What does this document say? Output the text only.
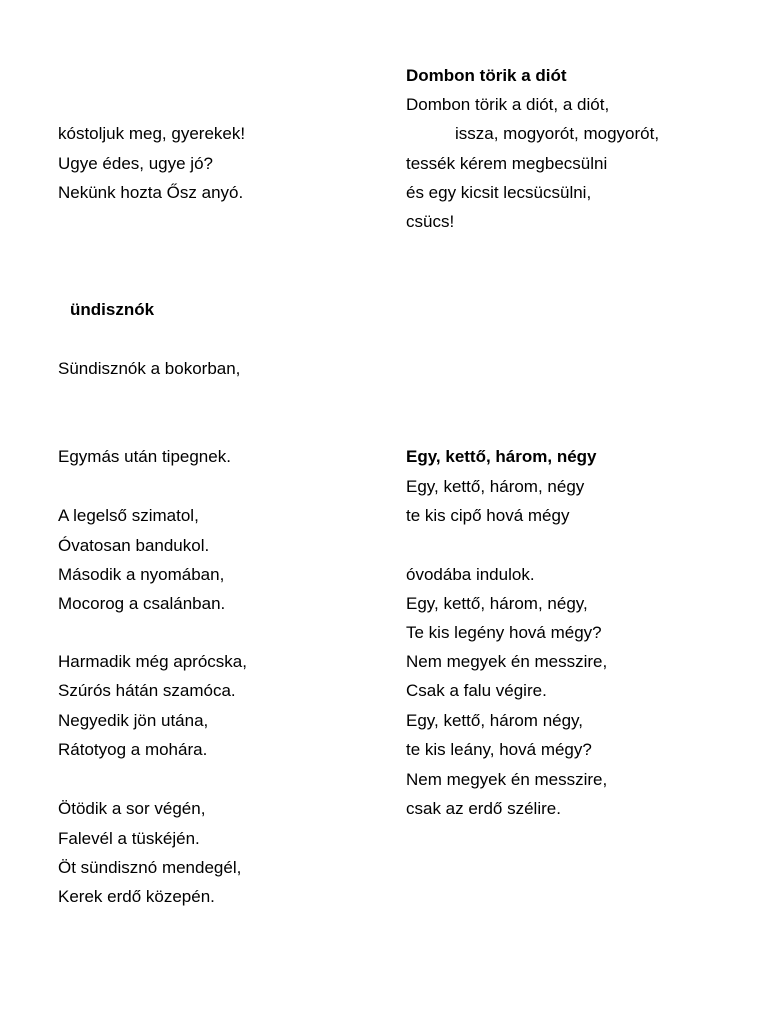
Dombon törik a diót
Dombon törik a diót, a diót,
issza, mogyorót, mogyorót,
tessék kérem megbecsülni
és egy kicsit lecsücsülni,
csücs!
kóstoljuk meg, gyerekek!
Ugye édes, ugye jó?
Nekünk hozta Ősz anyó.
ündisznók
Sündisznók a bokorban,
Egymás után tipegnek.
A legelső szimatol,
Óvatosan bandukol.
Második a nyomában,
Mocorog a csalánban.
Harmadik még aprócska,
Szúrós hátán szamóca.
Negyedik jön utána,
Rátotyog a mohára.
Ötödik a sor végén,
Falevél a tüskéjén.
Öt sündisznó mendegél,
Kerek erdő közepén.
Egy, kettő, három, négy
Egy, kettő, három, négy
te kis cipő hová mégy
óvodába indulok.
Egy, kettő, három, négy,
Te kis legény hová mégy?
Nem megyek én messzire,
Csak a falu végire.
Egy, kettő, három négy,
te kis leány, hová mégy?
Nem megyek én messzire,
csak az erdő szélire.
